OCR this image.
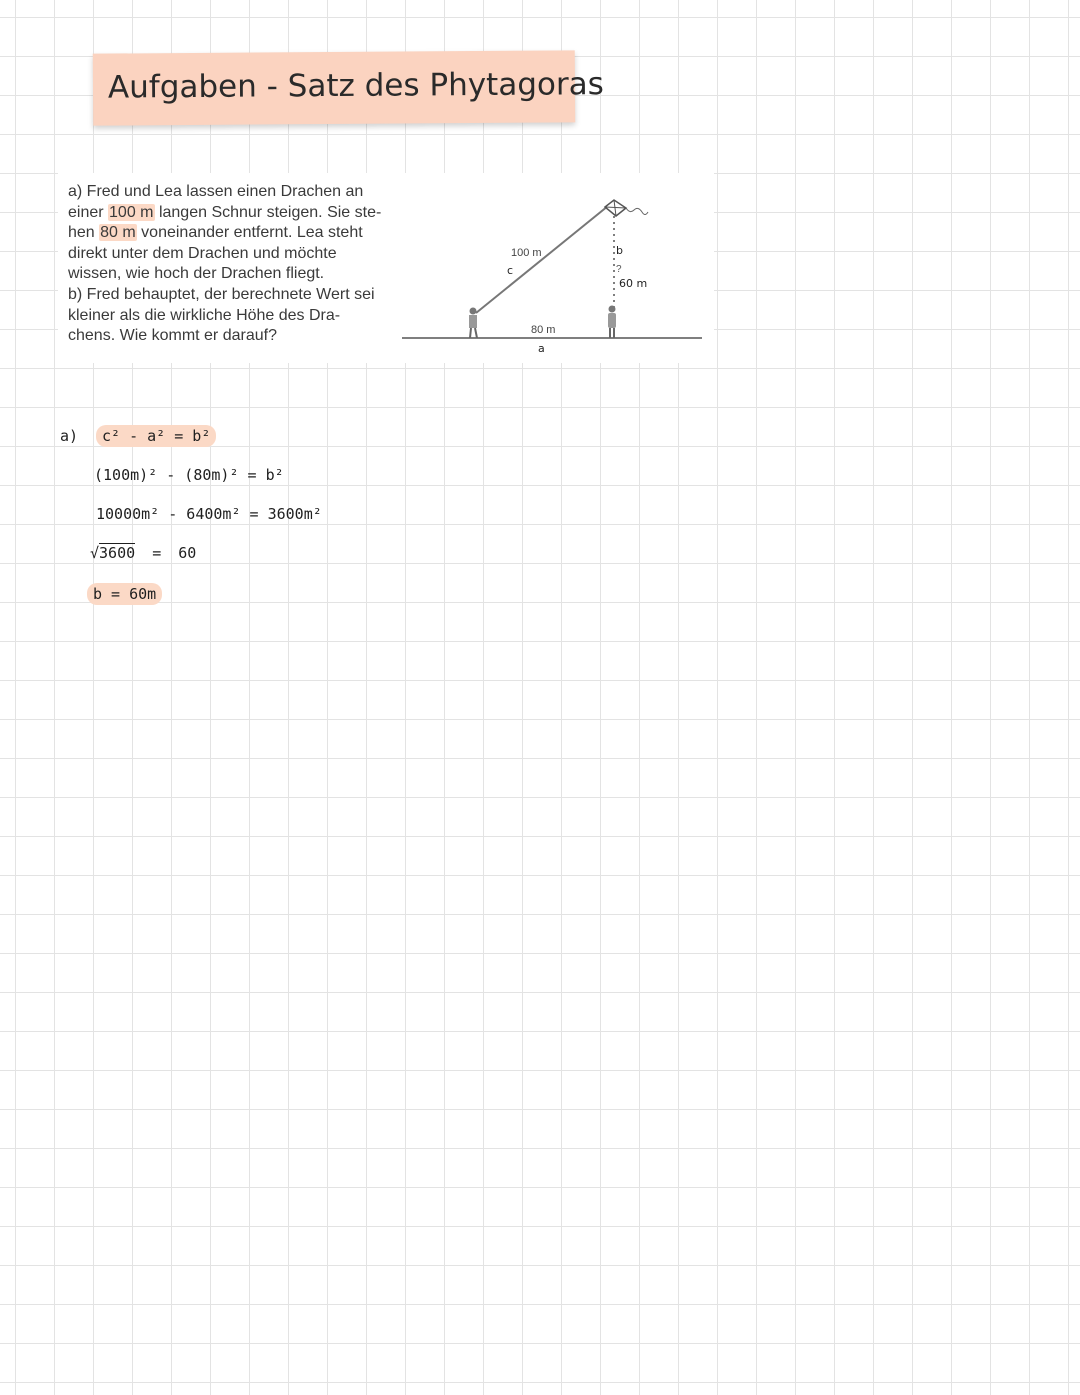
Aufgaben - Satz des Phytagoras
a) Fred und Lea lassen einen Drachen an
einer 100 m langen Schnur steigen. Sie ste-
hen 80 m voneinander entfernt. Lea steht
direkt unter dem Drachen und möchte
wissen, wie hoch der Drachen fliegt.
b) Fred behauptet, der berechnete Wert sei
kleiner als die wirkliche Höhe des Dra-
chens. Wie kommt er darauf?
100 m
c
b
?
60 m
80 m
a
a)	c² - a² = b²
(100m)² - (80m)² = b²
10000m² - 6400m² = 3600m²
√3600 = 60
b = 60m
